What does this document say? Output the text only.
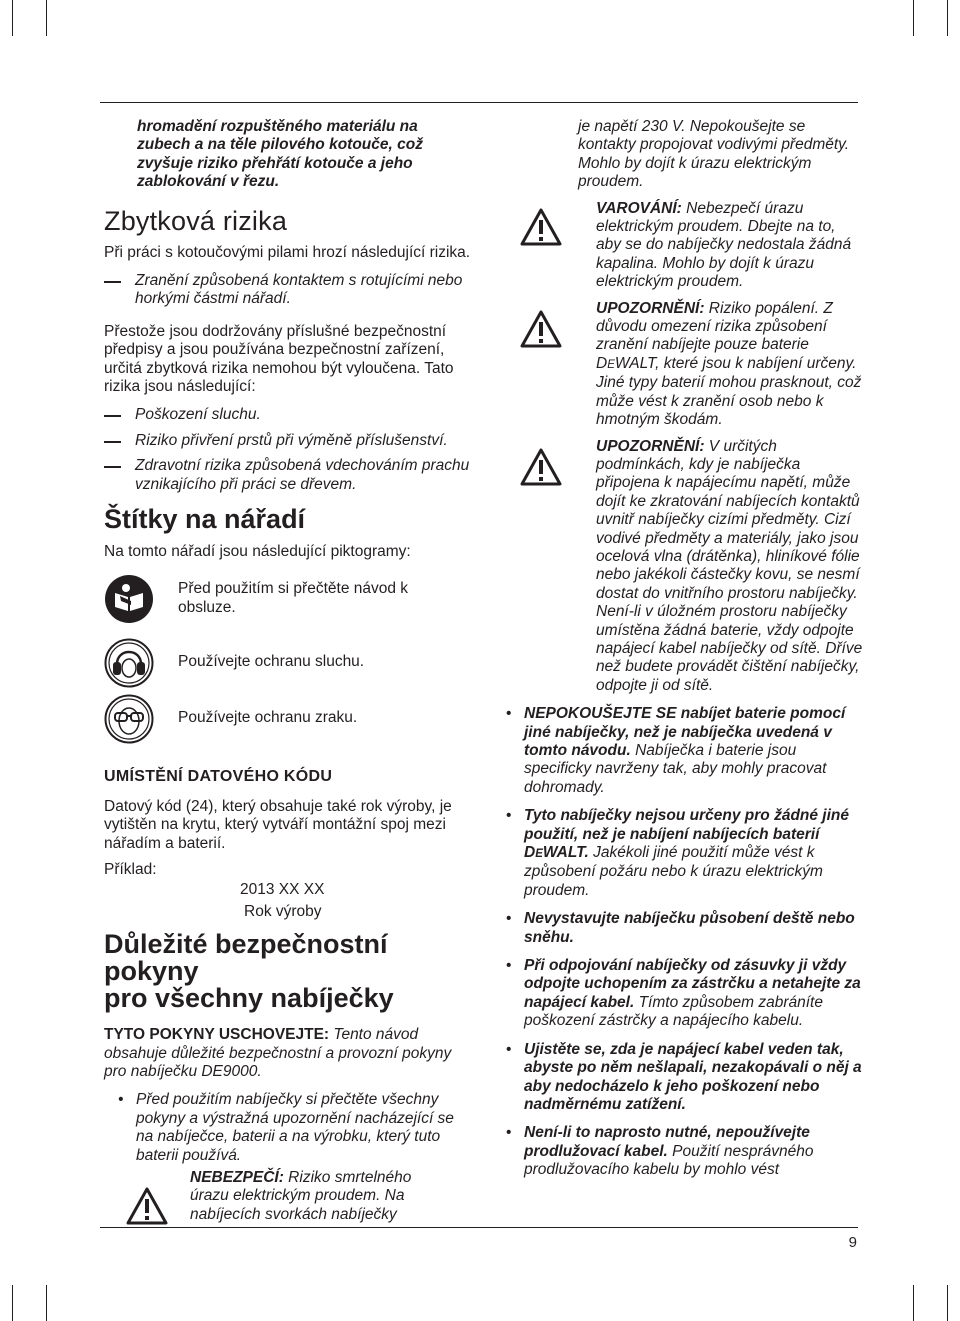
9

hromadění rozpuštěného materiálu na zubech a na těle pilového kotouče, což zvyšuje riziko přehřátí kotouče a jeho zablokování v řezu.

Zbytková rizika

Při práci s kotoučovými pilami hrozí následující rizika.

Zranění způsobená kontaktem s rotujícími nebo horkými částmi nářadí.

Přestože jsou dodržovány příslušné bezpečnostní předpisy a jsou používána bezpečnostní zařízení, určitá zbytková rizika nemohou být vyloučena. Tato rizika jsou následující:

Poškození sluchu.

Riziko přivření prstů při výměně příslušenství.

Zdravotní rizika způsobená vdechováním prachu vznikajícího při práci se dřevem.

Štítky na nářadí

Na tomto nářadí jsou následující piktogramy:

Před použitím si přečtěte návod k obsluze.

Používejte ochranu sluchu.

Používejte ochranu zraku.

UMÍSTĚNÍ DATOVÉHO KÓDU

Datový kód (24), který obsahuje také rok výroby, je vytištěn na krytu, který vytváří montážní spoj mezi nářadím a baterií.

Příklad:
2013 XX XX
Rok výroby
Důležité bezpečnostní pokyny
pro všechny nabíječky

TYTO POKYNY USCHOVEJTE: Tento návod obsahuje důležité bezpečnostní a provozní pokyny pro nabíječku DE9000.

• Před použitím nabíječky si přečtěte všechny pokyny a výstražná upozornění nacházející se na nabíječce, baterii a na výrobku, který tuto baterii používá.

NEBEZPEČÍ: Riziko smrtelného úrazu elektrickým proudem. Na nabíjecích svorkách nabíječky

je napětí 230 V. Nepokoušejte se kontakty propojovat vodivými předměty. Mohlo by dojít k úrazu elektrickým proudem.

VAROVÁNÍ: Nebezpečí úrazu elektrickým proudem. Dbejte na to, aby se do nabíječky nedostala žádná kapalina. Mohlo by dojít k úrazu elektrickým proudem.

UPOZORNĚNÍ: Riziko popálení. Z důvodu omezení rizika způsobení zranění nabíjejte pouze baterie DEWALT, které jsou k nabíjení určeny. Jiné typy baterií mohou prasknout, což může vést k zranění osob nebo k hmotným škodám.

UPOZORNĚNÍ: V určitých podmínkách, kdy je nabíječka připojena k napájecímu napětí, může dojít ke zkratování nabíjecích kontaktů uvnitř nabíječky cizími předměty. Cizí vodivé předměty a materiály, jako jsou ocelová vlna (drátěnka), hliníkové fólie nebo jakékoli částečky kovu, se nesmí dostat do vnitřního prostoru nabíječky. Není-li v úložném prostoru nabíječky umístěna žádná baterie, vždy odpojte napájecí kabel nabíječky od sítě. Dříve než budete provádět čištění nabíječky, odpojte ji od sítě.

• NEPOKOUŠEJTE SE nabíjet baterie pomocí jiné nabíječky, než je nabíječka uvedená v tomto návodu. Nabíječka i baterie jsou specificky navrženy tak, aby mohly pracovat dohromady.

• Tyto nabíječky nejsou určeny pro žádné jiné použití, než je nabíjení nabíjecích baterií DEWALT. Jakékoli jiné použití může vést k způsobení požáru nebo k úrazu elektrickým proudem.

• Nevystavujte nabíječku působení deště nebo sněhu.

• Při odpojování nabíječky od zásuvky ji vždy odpojte uchopením za zástrčku a netahejte za napájecí kabel. Tímto způsobem zabráníte poškození zástrčky a napájecího kabelu.

• Ujistěte se, zda je napájecí kabel veden tak, abyste po něm nešlapali, nezakopávali o něj a aby nedocházelo k jeho poškození nebo nadměrnému zatížení.

• Není-li to naprosto nutné, nepoužívejte prodlužovací kabel. Použití nesprávného prodlužovacího kabelu by mohlo vést
